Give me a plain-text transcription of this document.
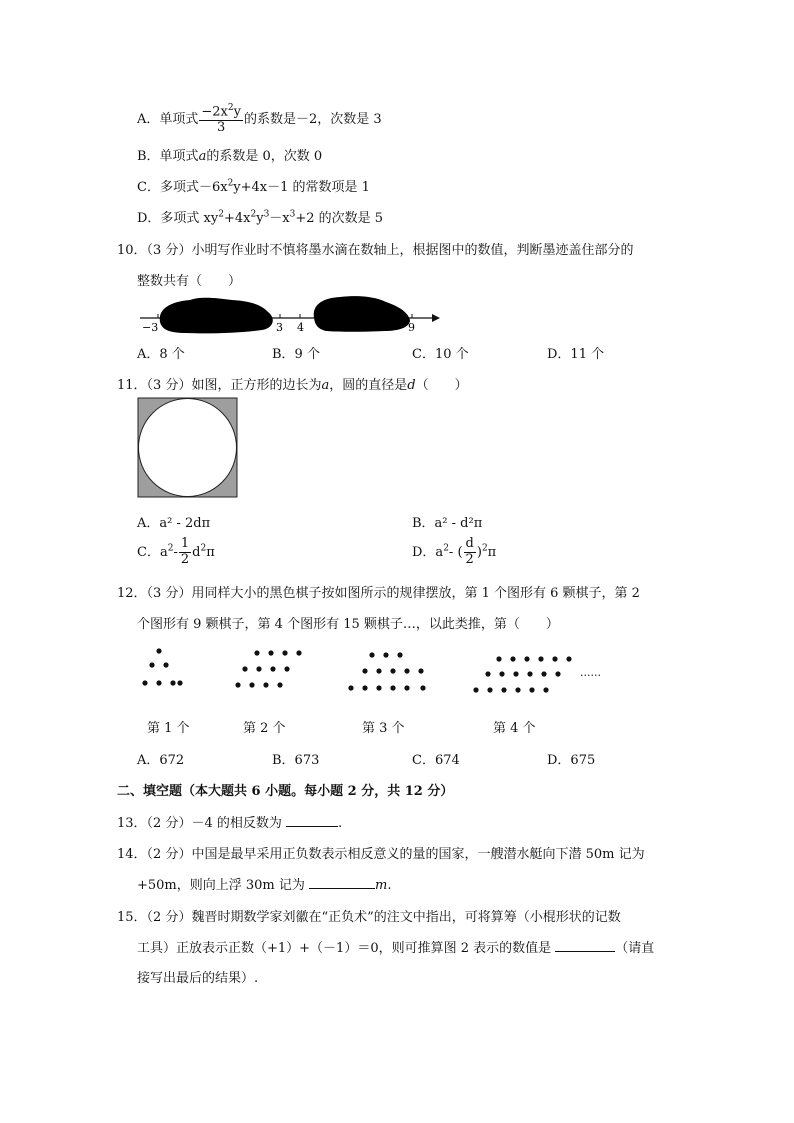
A．单项式 $\frac{-2x^2y}{3}$ 的系数是－2，次数是 3
B．单项式a的系数是 0，次数 0
C．多项式$-6x^2y+4x-1$ 的常数项是 1
D．多项式 $xy^2+4x^2y^3-x^3+2$ 的次数是 5
10．（3 分）小明写作业时不慎将墨水滴在数轴上，根据图中的数值，判断墨迹盖住部分的
整数共有（　　）
−3	3 4	9
A．8 个	B．9 个	C．10 个	D．11 个
11．（3 分）如图，正方形的边长为a，圆的直径是d（　　）
A．a² - 2dπ	B．a² - d²π
C．$a^2- \frac{1}{2} d^2\pi$	D．$a^2-$ ( $\frac{d}{2} )^2\pi$
12．（3 分）用同样大小的黑色棋子按如图所示的规律摆放，第 1 个图形有 6 颗棋子，第 2
个图形有 9 颗棋子，第 4 个图形有 15 颗棋子…，以此类推，第（　　）
......
第 1 个	第 2 个	第 3 个	第 4 个
A．672	B．673	C．674	D．675
二、填空题（本大题共 6 小题。每小题 2 分，共 12 分）
13．（2 分）－4 的相反数为	.
14．（2 分）中国是最早采用正负数表示相反意义的量的国家，一艘潜水艇向下潜 50m 记为
+50m，则向上浮 30m 记为	m.
15．（2 分）魏晋时期数学家刘徽在“正负术”的注文中指出，可将算筹（小棍形状的记数
工具）正放表示正数（+1）+（－1）＝0，则可推算图 2 表示的数值是	（请直
接写出最后的结果）.
